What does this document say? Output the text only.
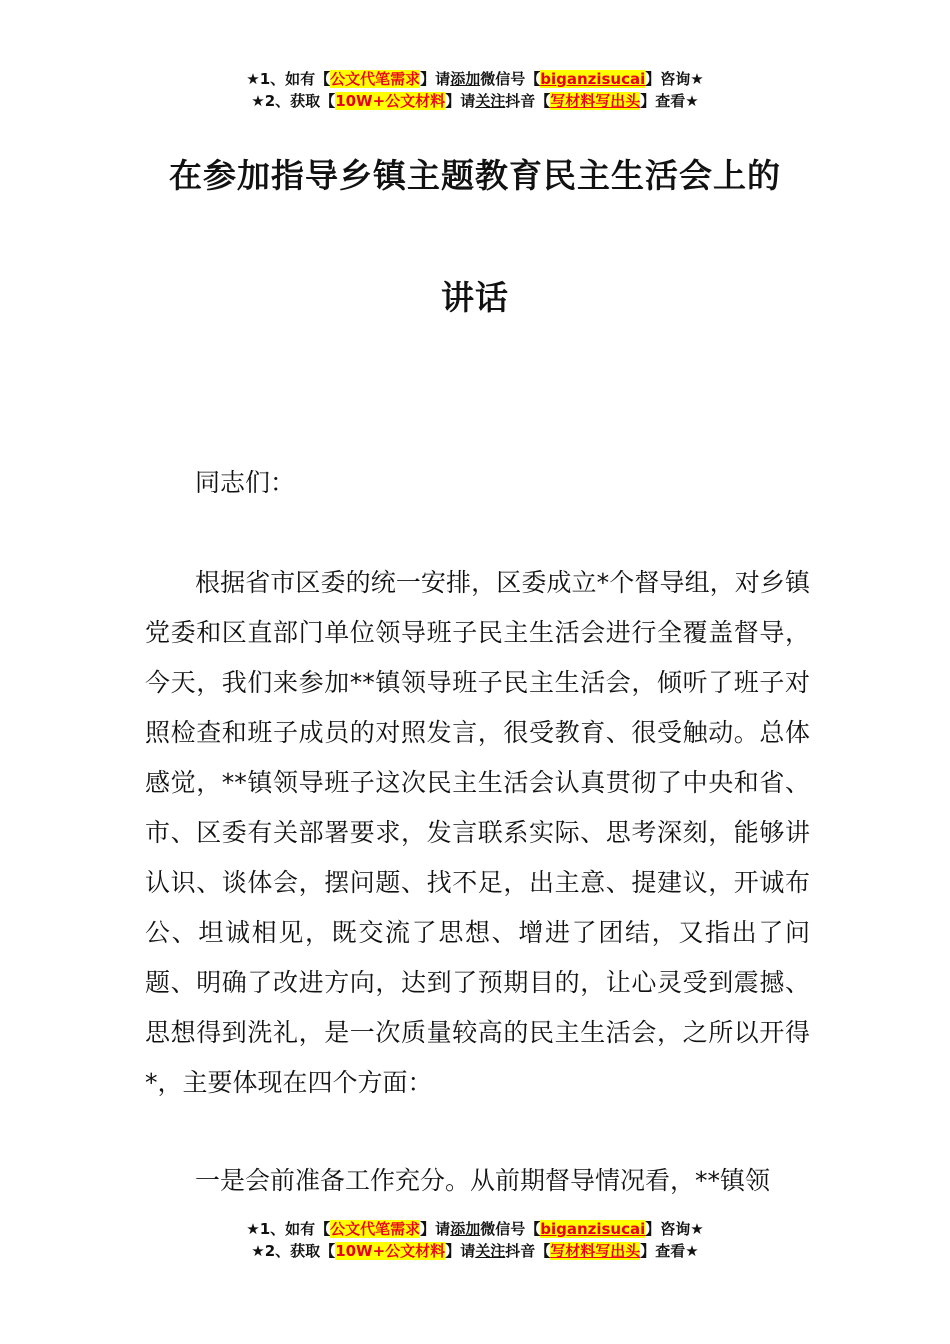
★1、如有【公文代笔需求】请添加微信号【biganzisucai】咨询★
★2、获取【10W+公文材料】请关注抖音【写材料写出头】查看★
在参加指导乡镇主题教育民主生活会上的
讲话

同志们：

根据省市区委的统一安排，区委成立*个督导组，对乡镇党委和区直部门单位领导班子民主生活会进行全覆盖督导，今天，我们来参加**镇领导班子民主生活会，倾听了班子对照检查和班子成员的对照发言，很受教育、很受触动。总体感觉，**镇领导班子这次民主生活会认真贯彻了中央和省、市、区委有关部署要求，发言联系实际、思考深刻，能够讲认识、谈体会，摆问题、找不足，出主意、提建议，开诚布公、坦诚相见，既交流了思想、增进了团结，又指出了问题、明确了改进方向，达到了预期目的，让心灵受到震撼、思想得到洗礼，是一次质量较高的民主生活会，之所以开得*，主要体现在四个方面：

一是会前准备工作充分。从前期督导情况看，**镇领

★1、如有【公文代笔需求】请添加微信号【biganzisucai】咨询★
★2、获取【10W+公文材料】请关注抖音【写材料写出头】查看★
